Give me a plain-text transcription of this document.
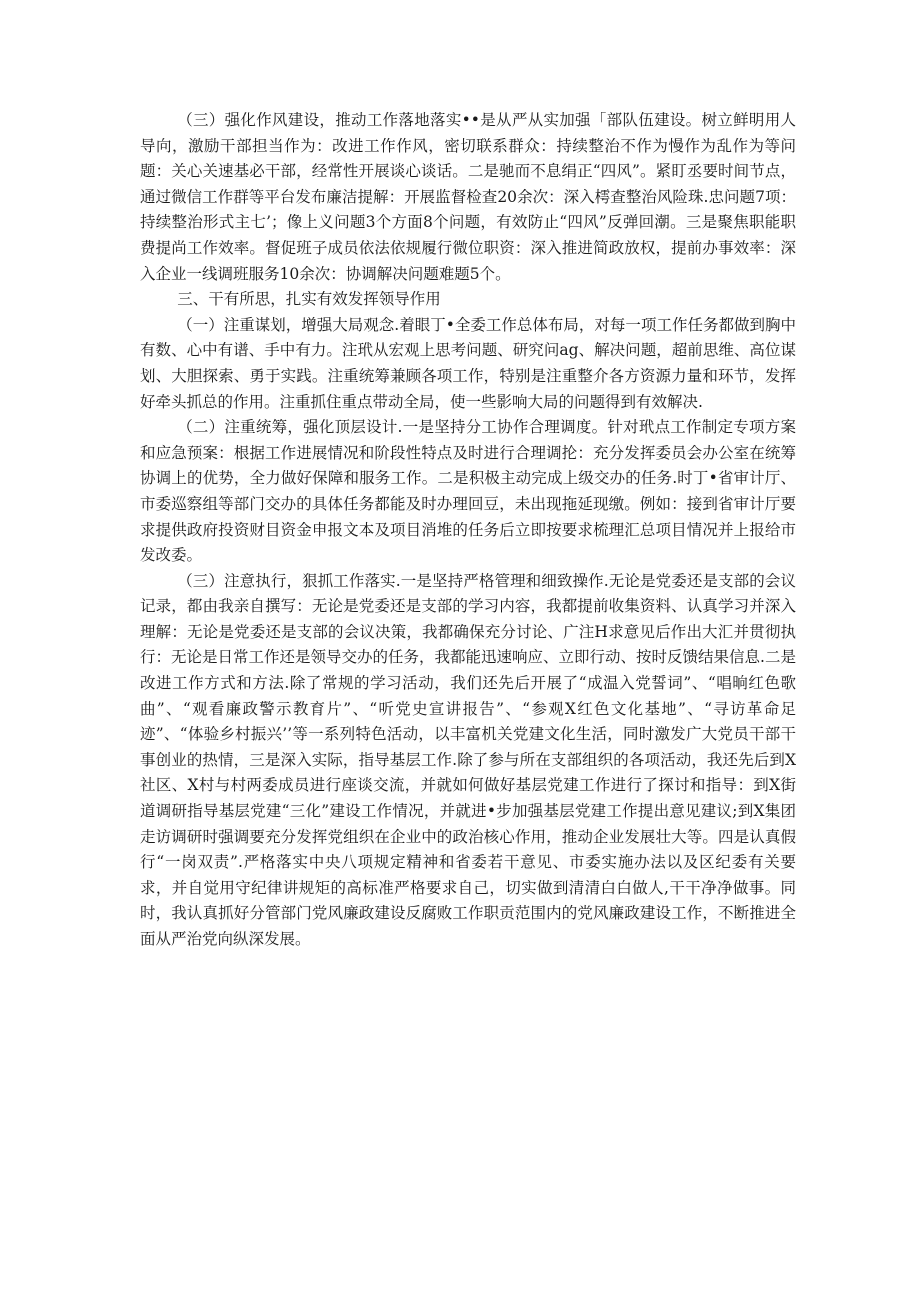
（三）强化作风建设，推动工作落地落实••是从严从实加强「部队伍建设。树立鲜明用人导向，激励干部担当作为：改进工作作风，密切联系群众：持续整治不作为慢作为乱作为等问题：关心关速基必干部，经常性开展谈心谈话。二是驰而不息绢正“四风”。紧盯丞要时间节点，通过微信工作群等平台发布廉洁提解：开展监督检查20余次：深入樗查整治风险珠.忠问题7项：持续整治形式主七’；像上义问题3个方面8个问题，有效防止“四风”反弹回潮。三是聚焦职能职费提尚工作效率。督促班子成员依法依规履行微位职资：深入推进简政放权，提前办事效率：深入企业一线调班服务10余次：协调解决问题难题5个。

三、干有所思，扎实有效发挥领导作用

（一）注重谋划，增强大局观念.着眼丁•全委工作总体布局，对每一项工作任务都做到胸中有数、心中有谱、手中有力。注玳从宏观上思考问题、研究问ag、解决问题，超前思维、高位谋划、大胆探索、勇于实践。注重统筹兼顾各项工作，特别是注重整介各方资源力量和环节，发挥好牵头抓总的作用。注重抓住重点带动全局，使一些影响大局的问题得到有效解决.

（二）注重统筹，强化顶层设计.一是坚持分工协作合理调度。针对玳点工作制定专项方案和应急预案：根据工作进展情况和阶段性特点及时进行合理调抡：充分发挥委员会办公室在统筹协调上的优势，全力做好保障和服务工作。二是积极主动完成上级交办的任务.时丁•省审计厅、市委巡察组等部门交办的具体任务都能及时办理回豆，未出现拖延现缴。例如：接到省审计厅要求提供政府投资财目资金申报文本及项目消堆的任务后立即按要求梳理汇总项目情况并上报给市发改委。

（三）注意执行，狠抓工作落实.一是坚持严格管理和细致操作.无论是党委还是支部的会议记录，都由我亲自撰写：无论是党委还是支部的学习内容，我都提前收集资料、认真学习并深入理解：无论是党委还是支部的会议决策，我都确保充分讨论、广注H求意见后作出大汇并贯彻执行：无论是日常工作还是领导交办的任务，我都能迅速响应、立即行动、按时反馈结果信息.二是改进工作方式和方法.除了常规的学习活动，我们还先后开展了“成温入党誓词”、“唱晌红色歌曲”、“观看廉政警示教育片”、“听党史宣讲报告”、“参观X红色文化基地”、“寻访革命足迹”、“体验乡村振兴’’等一系列特色活动，以丰富机关党建文化生活，同时激发广大党员干部干事创业的热情，三是深入实际，指导基层工作.除了参与所在支部组织的各项活动，我还先后到X社区、X村与村两委成员进行座谈交流，并就如何做好基层党建工作进行了探讨和指导：到X街道调研指导基层党建“三化”建设工作情况，并就进•步加强基层党建工作提出意见建议;到X集团走访调研时强调要充分发挥党组织在企业中的政治核心作用，推动企业发展壮大等。四是认真假行“一岗双责”.严格落实中央八项规定精神和省委若干意见、市委实施办法以及区纪委有关要求，并自觉用守纪律讲规矩的高标准严格要求自己，切实做到清清白白做人,干干净净做事。同时，我认真抓好分管部门党风廉政建设反腐败工作职贡范围内的党风廉政建设工作，不断推进全面从严治党向纵深发展。
